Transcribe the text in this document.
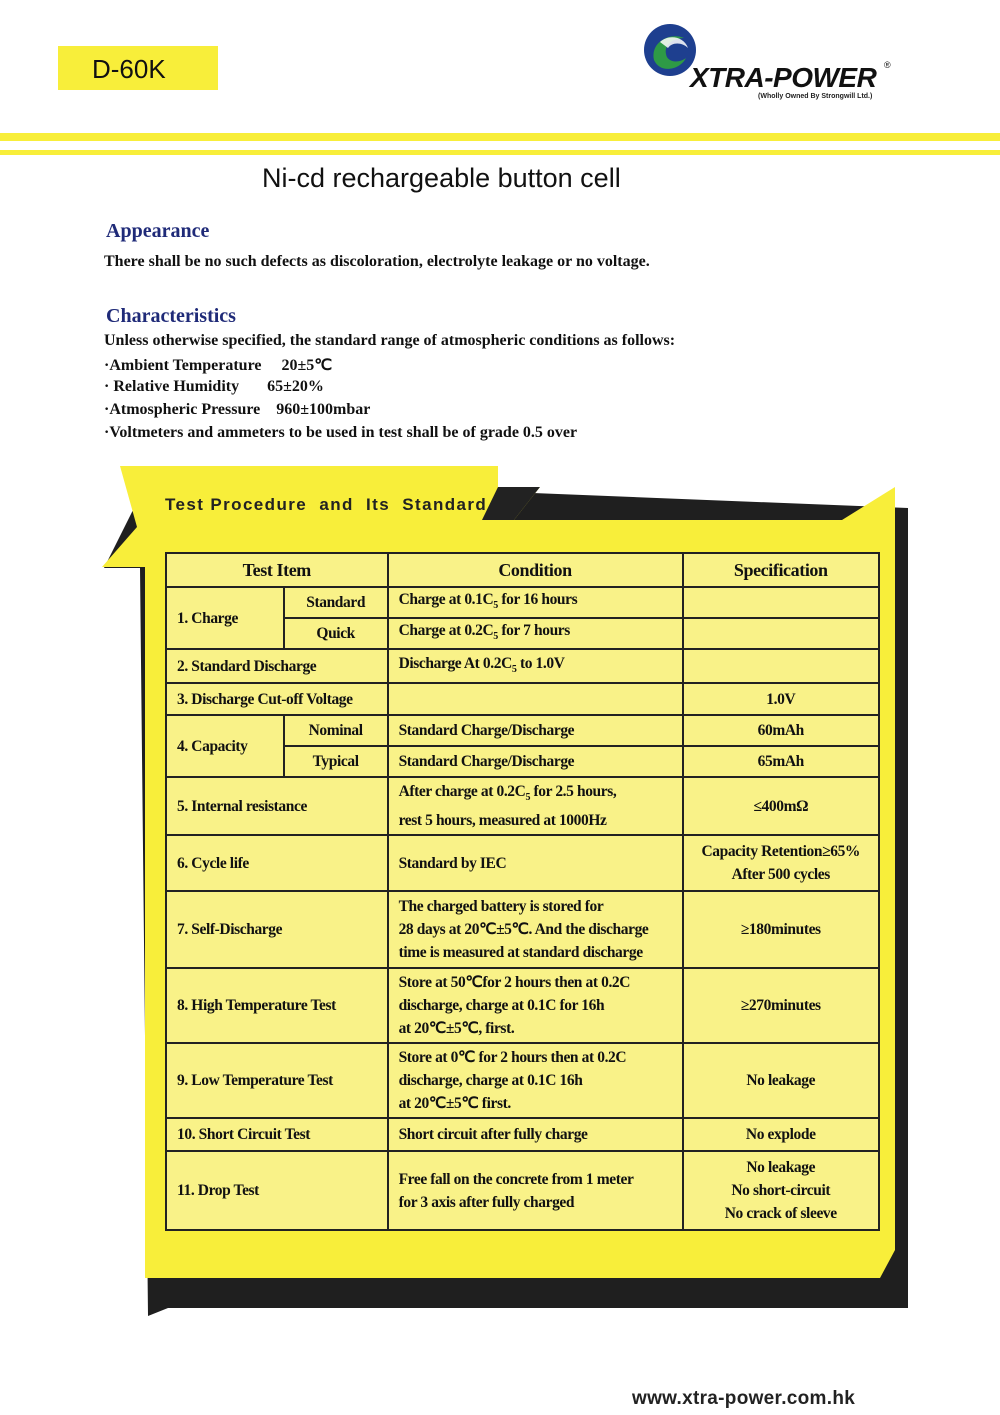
D-60K	XTRA-POWER ®
(Wholly Owned By Strongwill Ltd.)
Ni-cd rechargeable button cell
Appearance
There shall be no such defects as discoloration, electrolyte leakage or no voltage.
Characteristics
Unless otherwise specified, the standard range of atmospheric conditions as follows:
·Ambient Temperature     20±5℃
· Relative Humidity       65±20%
·Atmospheric Pressure    960±100mbar
·Voltmeters and ammeters to be used in test shall be of grade 0.5 over
Test Procedure  and  Its  Standard
Test Item		Condition	Specification
1. Charge	Standard	Charge at $0.1C_5$ for 16 hours	
	Quick	Charge at $0.2C_5$ for 7 hours	
2. Standard Discharge		Discharge At $0.2C_5$ to 1.0V	
3. Discharge Cut-off Voltage			1.0V
4. Capacity	Nominal	Standard Charge/Discharge	60mAh
	Typical	Standard Charge/Discharge	65mAh
5. Internal resistance		After charge at $0.2C_5$ for 2.5 hours,
rest 5 hours, measured at 1000Hz	≤400mΩ
6. Cycle life		Standard by IEC	Capacity Retention≥65%
After 500 cycles
7. Self-Discharge		The charged battery is stored for
28 days at 20℃±5℃. And the discharge
time is measured at standard discharge	≥180minutes
8. High Temperature Test		Store at 50℃for 2 hours then at 0.2C
discharge, charge at 0.1C for 16h
at 20℃±5℃, first.	≥270minutes
9. Low Temperature Test		Store at 0℃ for 2 hours then at 0.2C
discharge, charge at 0.1C 16h
at 20℃±5℃ first.	No leakage
10. Short Circuit Test		Short circuit after fully charge	No explode
11. Drop Test		Free fall on the concrete from 1 meter
for 3 axis after fully charged	No leakage
No short-circuit
No crack of sleeve
www.xtra-power.com.hk
